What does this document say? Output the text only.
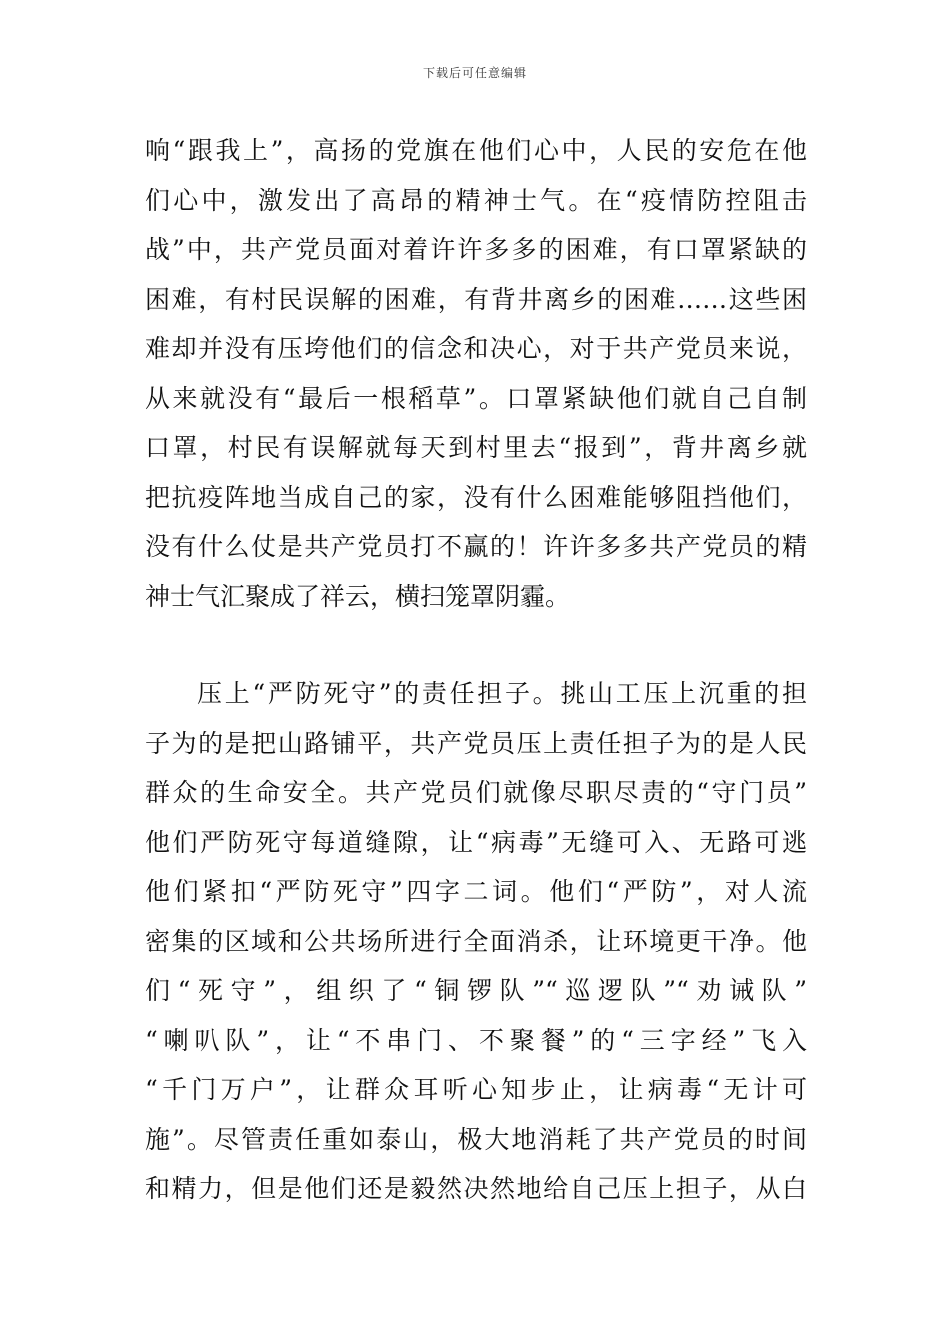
下载后可任意编辑
响“跟我上”，高扬的党旗在他们心中，人民的安危在他
们心中，激发出了高昂的精神士气。在“疫情防控阻击
战”中，共产党员面对着许许多多的困难，有口罩紧缺的
困难，有村民误解的困难，有背井离乡的困难……这些困
难却并没有压垮他们的信念和决心，对于共产党员来说，
从来就没有“最后一根稻草”。口罩紧缺他们就自己自制
口罩，村民有误解就每天到村里去“报到”，背井离乡就
把抗疫阵地当成自己的家，没有什么困难能够阻挡他们，
没有什么仗是共产党员打不赢的！许许多多共产党员的精
神士气汇聚成了祥云，横扫笼罩阴霾。
压上“严防死守”的责任担子。挑山工压上沉重的担
子为的是把山路铺平，共产党员压上责任担子为的是人民
群众的生命安全。共产党员们就像尽职尽责的“守门员”
他们严防死守每道缝隙，让“病毒”无缝可入、无路可逃
他们紧扣“严防死守”四字二词。他们“严防”，对人流
密集的区域和公共场所进行全面消杀，让环境更干净。他
们“死守”，组织了“铜锣队”“巡逻队”“劝诫队”
“喇叭队”，让“不串门、不聚餐”的“三字经”飞入
“千门万户”，让群众耳听心知步止，让病毒“无计可
施”。尽管责任重如泰山，极大地消耗了共产党员的时间
和精力，但是他们还是毅然决然地给自己压上担子，从白
